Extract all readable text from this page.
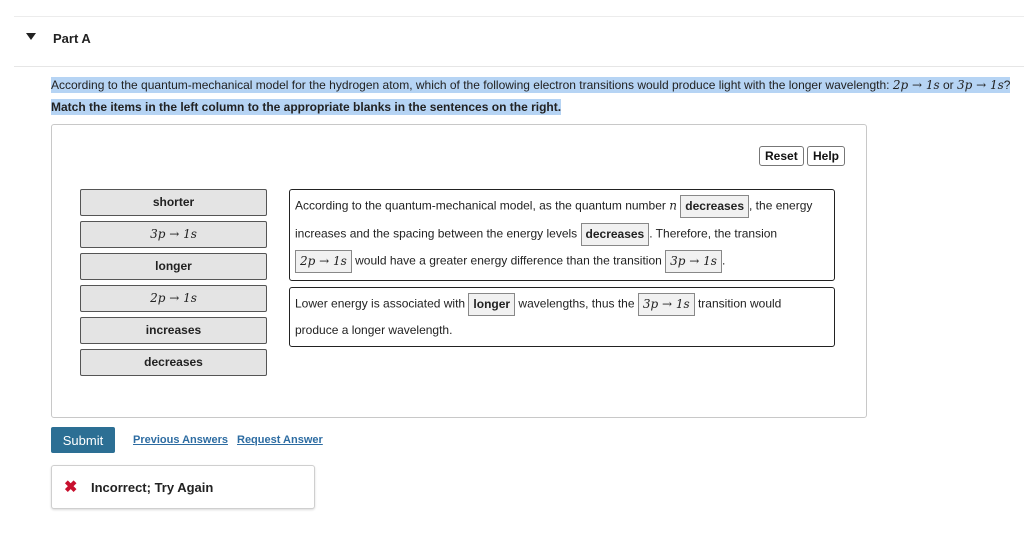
Part A
According to the quantum-mechanical model for the hydrogen atom, which of the following electron transitions would produce light with the longer wavelength: 2p → 1s or 3p → 1s?
Match the items in the left column to the appropriate blanks in the sentences on the right.
Reset	Help
shorter
3p → 1s
longer
2p → 1s
increases
decreases
According to the quantum-mechanical model, as the quantum number n decreases , the energy
increases and the spacing between the energy levels decreases . Therefore, the transion
2p → 1s would have a greater energy difference than the transition 3p → 1s .
Lower energy is associated with longer wavelengths, thus the 3p → 1s transition would
produce a longer wavelength.
Submit	Previous Answers Request Answer
✖ Incorrect; Try Again
